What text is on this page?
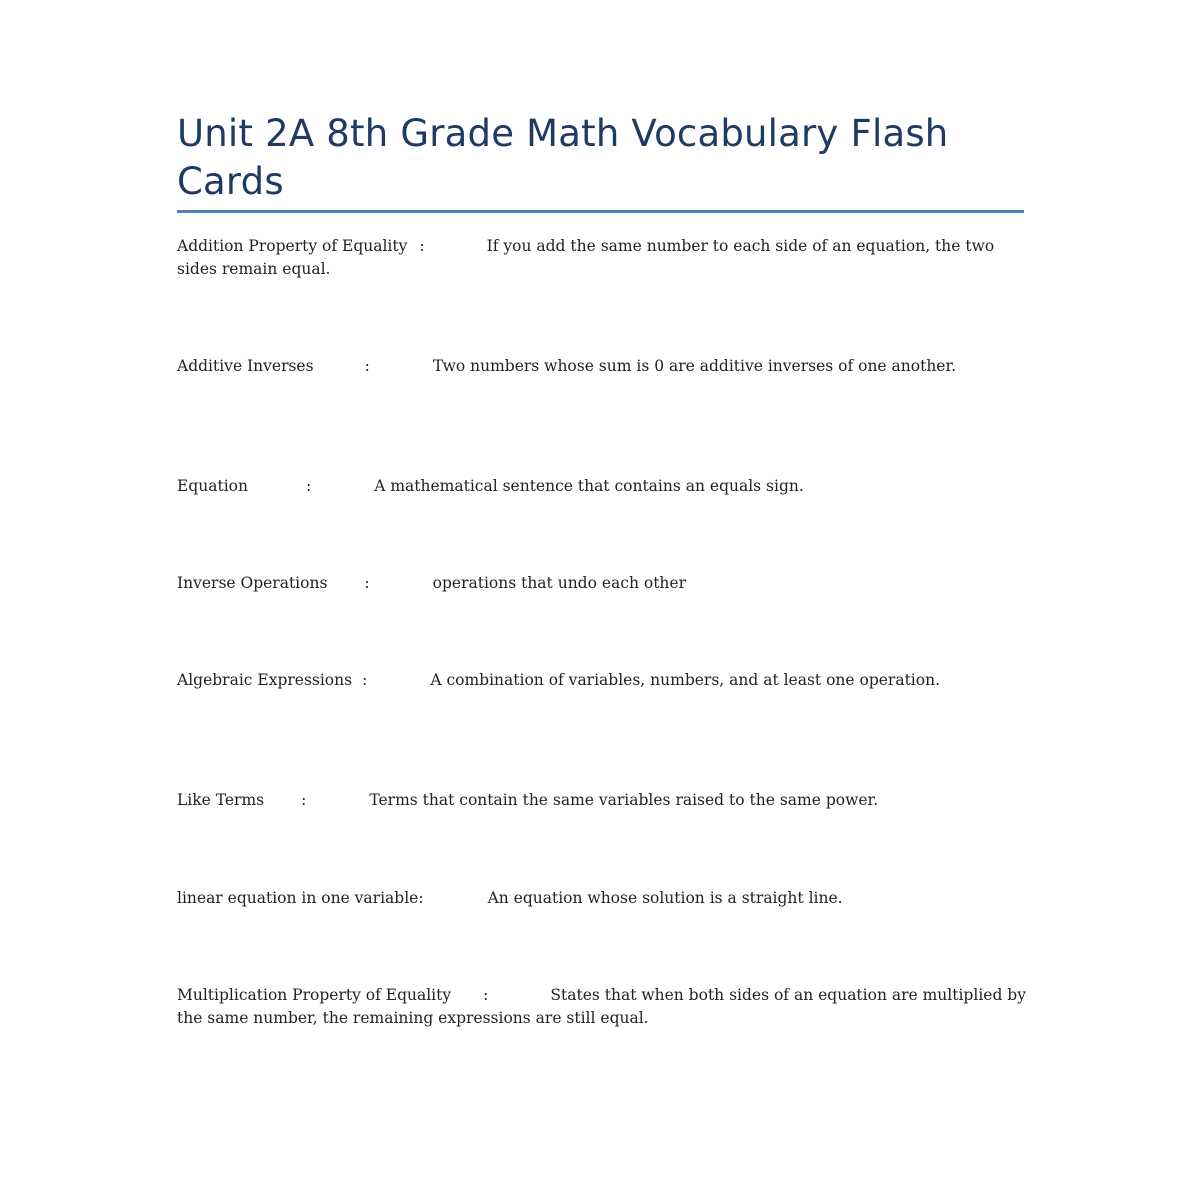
Unit 2A 8th Grade Math Vocabulary Flash Cards

Addition Property of Equality :	If you add the same number to each side of an equation, the two sides remain equal.

Additive Inverses	:	Two numbers whose sum is 0 are additive inverses of one another.

Equation	:	A mathematical sentence that contains an equals sign.

Inverse Operations :	operations that undo each other

Algebraic Expressions :	A combination of variables, numbers, and at least one operation.

Like Terms :	Terms that contain the same variables raised to the same power.

linear equation in one variable:	An equation whose solution is a straight line.

Multiplication Property of Equality :	States that when both sides of an equation are multiplied by the same number, the remaining expressions are still equal.
